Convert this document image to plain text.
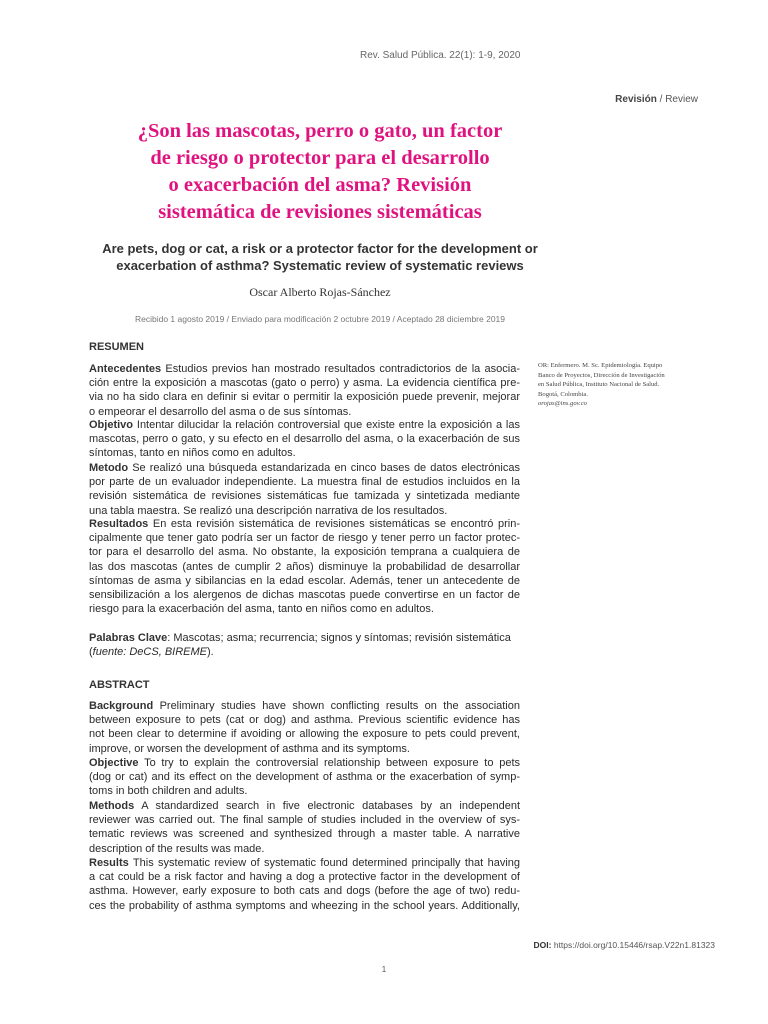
Rev. Salud Pública. 22(1): 1-9, 2020
Revisión / Review
¿Son las mascotas, perro o gato, un factor
de riesgo o protector para el desarrollo
o exacerbación del asma? Revisión
sistemática de revisiones sistemáticas
Are pets, dog or cat, a risk or a protector factor for the development or
exacerbation of asthma? Systematic review of systematic reviews
Oscar Alberto Rojas-Sánchez
Recibido 1 agosto 2019 / Enviado para modificación 2 octubre 2019 / Aceptado 28 diciembre 2019
RESUMEN
Antecedentes Estudios previos han mostrado resultados contradictorios de la asocia-
ción entre la exposición a mascotas (gato o perro) y asma. La evidencia científica pre-
via no ha sido clara en definir si evitar o permitir la exposición puede prevenir, mejorar
o empeorar el desarrollo del asma o de sus síntomas.
Objetivo Intentar dilucidar la relación controversial que existe entre la exposición a las
mascotas, perro o gato, y su efecto en el desarrollo del asma, o la exacerbación de sus
síntomas, tanto en niños como en adultos.
Metodo Se realizó una búsqueda estandarizada en cinco bases de datos electrónicas
por parte de un evaluador independiente. La muestra final de estudios incluidos en la
revisión sistemática de revisiones sistemáticas fue tamizada y sintetizada mediante
una tabla maestra. Se realizó una descripción narrativa de los resultados.
Resultados En esta revisión sistemática de revisiones sistemáticas se encontró prin-
cipalmente que tener gato podría ser un factor de riesgo y tener perro un factor protec-
tor para el desarrollo del asma. No obstante, la exposición temprana a cualquiera de
las dos mascotas (antes de cumplir 2 años) disminuye la probabilidad de desarrollar
síntomas de asma y sibilancias en la edad escolar. Además, tener un antecedente de
sensibilización a los alergenos de dichas mascotas puede convertirse en un factor de
riesgo para la exacerbación del asma, tanto en niños como en adultos.
Palabras Clave: Mascotas; asma; recurrencia; signos y síntomas; revisión sistemática
(fuente: DeCS, BIREME).
ABSTRACT
Background Preliminary studies have shown conflicting results on the association
between exposure to pets (cat or dog) and asthma. Previous scientific evidence has
not been clear to determine if avoiding or allowing the exposure to pets could prevent,
improve, or worsen the development of asthma and its symptoms.
Objective To try to explain the controversial relationship between exposure to pets
(dog or cat) and its effect on the development of asthma or the exacerbation of symp-
toms in both children and adults.
Methods A standardized search in five electronic databases by an independent
reviewer was carried out. The final sample of studies included in the overview of sys-
tematic reviews was screened and synthesized through a master table. A narrative
description of the results was made.
Results This systematic review of systematic found determined principally that having
a cat could be a risk factor and having a dog a protective factor in the development of
asthma. However, early exposure to both cats and dogs (before the age of two) redu-
ces the probability of asthma symptoms and wheezing in the school years. Additionally,
OR: Enfermero. M. Sc. Epidemiología. Equipo
Banco de Proyectos, Dirección de Investigación
en Salud Pública, Instituto Nacional de Salud.
Bogotá, Colombia.
orojas@ins.gov.co
DOI: https://doi.org/10.15446/rsap.V22n1.81323
1
